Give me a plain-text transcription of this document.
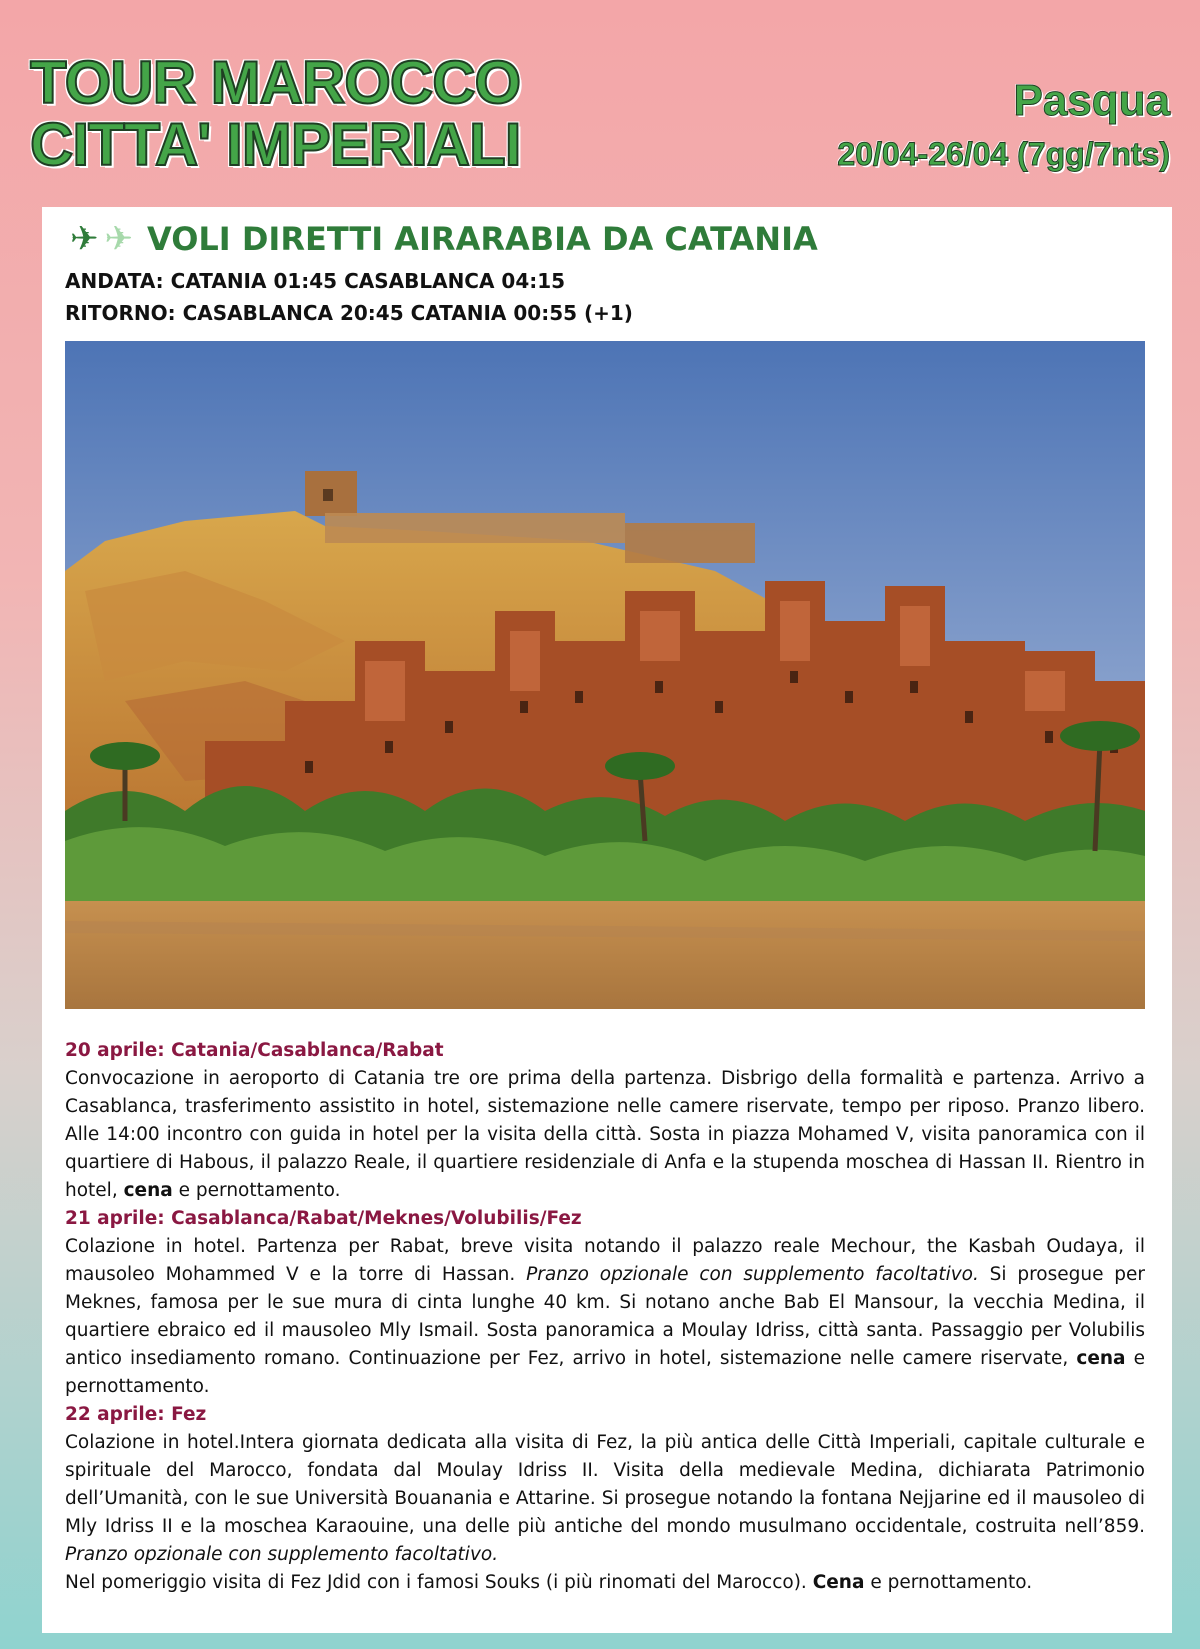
TOUR MAROCCO
CITTA' IMPERIALI
Pasqua
20/04-26/04 (7gg/7nts)
✈ ✈ VOLI DIRETTI AIRARABIA DA CATANIA
ANDATA: CATANIA 01:45 CASABLANCA 04:15
RITORNO: CASABLANCA 20:45 CATANIA 00:55 (+1)
20 aprile: Catania/Casablanca/Rabat
Convocazione in aeroporto di Catania tre ore prima della partenza. Disbrigo della formalità e partenza. Arrivo a Casablanca, trasferimento assistito in hotel, sistemazione nelle camere riservate, tempo per riposo. Pranzo libero. Alle 14:00 incontro con guida in hotel per la visita della città. Sosta in piazza Mohamed V, visita panoramica con il quartiere di Habous, il palazzo Reale, il quartiere residenziale di Anfa e la stupenda moschea di Hassan II. Rientro in hotel, cena e pernottamento.
21 aprile: Casablanca/Rabat/Meknes/Volubilis/Fez
Colazione in hotel. Partenza per Rabat, breve visita notando il palazzo reale Mechour, the Kasbah Oudaya, il mausoleo Mohammed V e la torre di Hassan. Pranzo opzionale con supplemento facoltativo. Si prosegue per Meknes, famosa per le sue mura di cinta lunghe 40 km. Si notano anche Bab El Mansour, la vecchia Medina, il quartiere ebraico ed il mausoleo Mly Ismail. Sosta panoramica a Moulay Idriss, città santa. Passaggio per Volubilis antico insediamento romano. Continuazione per Fez, arrivo in hotel, sistemazione nelle camere riservate, cena e pernottamento.
22 aprile: Fez
Colazione in hotel.Intera giornata dedicata alla visita di Fez, la più antica delle Città Imperiali, capitale culturale e spirituale del Marocco, fondata dal Moulay Idriss II. Visita della medievale Medina, dichiarata Patrimonio dell’Umanità, con le sue Università Bouanania e Attarine. Si prosegue notando la fontana Nejjarine ed il mausoleo di Mly Idriss II e la moschea Karaouine, una delle più antiche del mondo musulmano occidentale, costruita nell’859. Pranzo opzionale con supplemento facoltativo.
Nel pomeriggio visita di Fez Jdid con i famosi Souks (i più rinomati del Marocco). Cena e pernottamento.
